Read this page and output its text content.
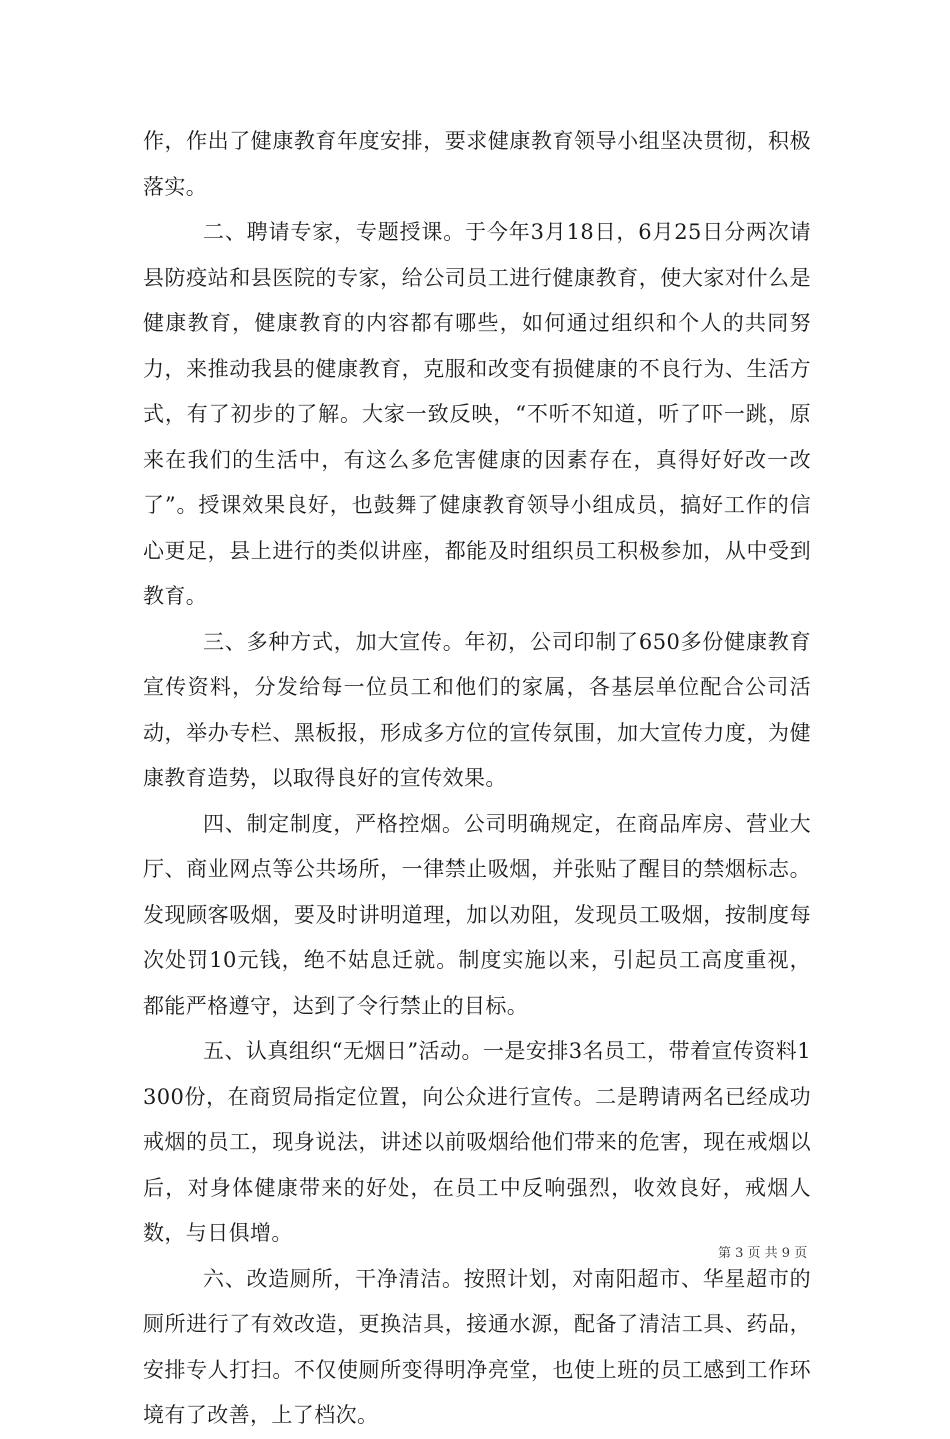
作，作出了健康教育年度安排，要求健康教育领导小组坚决贯彻，积极落实。

二、聘请专家，专题授课。于今年3月18日，6月25日分两次请县防疫站和县医院的专家，给公司员工进行健康教育，使大家对什么是健康教育，健康教育的内容都有哪些，如何通过组织和个人的共同努力，来推动我县的健康教育，克服和改变有损健康的不良行为、生活方式，有了初步的了解。大家一致反映，“不听不知道，听了吓一跳，原来在我们的生活中，有这么多危害健康的因素存在，真得好好改一改了”。授课效果良好，也鼓舞了健康教育领导小组成员，搞好工作的信心更足，县上进行的类似讲座，都能及时组织员工积极参加，从中受到教育。

三、多种方式，加大宣传。年初，公司印制了650多份健康教育宣传资料，分发给每一位员工和他们的家属，各基层单位配合公司活动，举办专栏、黑板报，形成多方位的宣传氛围，加大宣传力度，为健康教育造势，以取得良好的宣传效果。

四、制定制度，严格控烟。公司明确规定，在商品库房、营业大厅、商业网点等公共场所，一律禁止吸烟，并张贴了醒目的禁烟标志。发现顾客吸烟，要及时讲明道理，加以劝阻，发现员工吸烟，按制度每次处罚10元钱，绝不姑息迁就。制度实施以来，引起员工高度重视，都能严格遵守，达到了令行禁止的目标。

五、认真组织“无烟日”活动。一是安排3名员工，带着宣传资料1300份，在商贸局指定位置，向公众进行宣传。二是聘请两名已经成功戒烟的员工，现身说法，讲述以前吸烟给他们带来的危害，现在戒烟以后，对身体健康带来的好处，在员工中反响强烈，收效良好，戒烟人数，与日俱增。

六、改造厕所，干净清洁。按照计划，对南阳超市、华星超市的厕所进行了有效改造，更换洁具，接通水源，配备了清洁工具、药品，安排专人打扫。不仅使厕所变得明净亮堂，也使上班的员工感到工作环境有了改善，上了档次。

第 3 页 共 9 页
